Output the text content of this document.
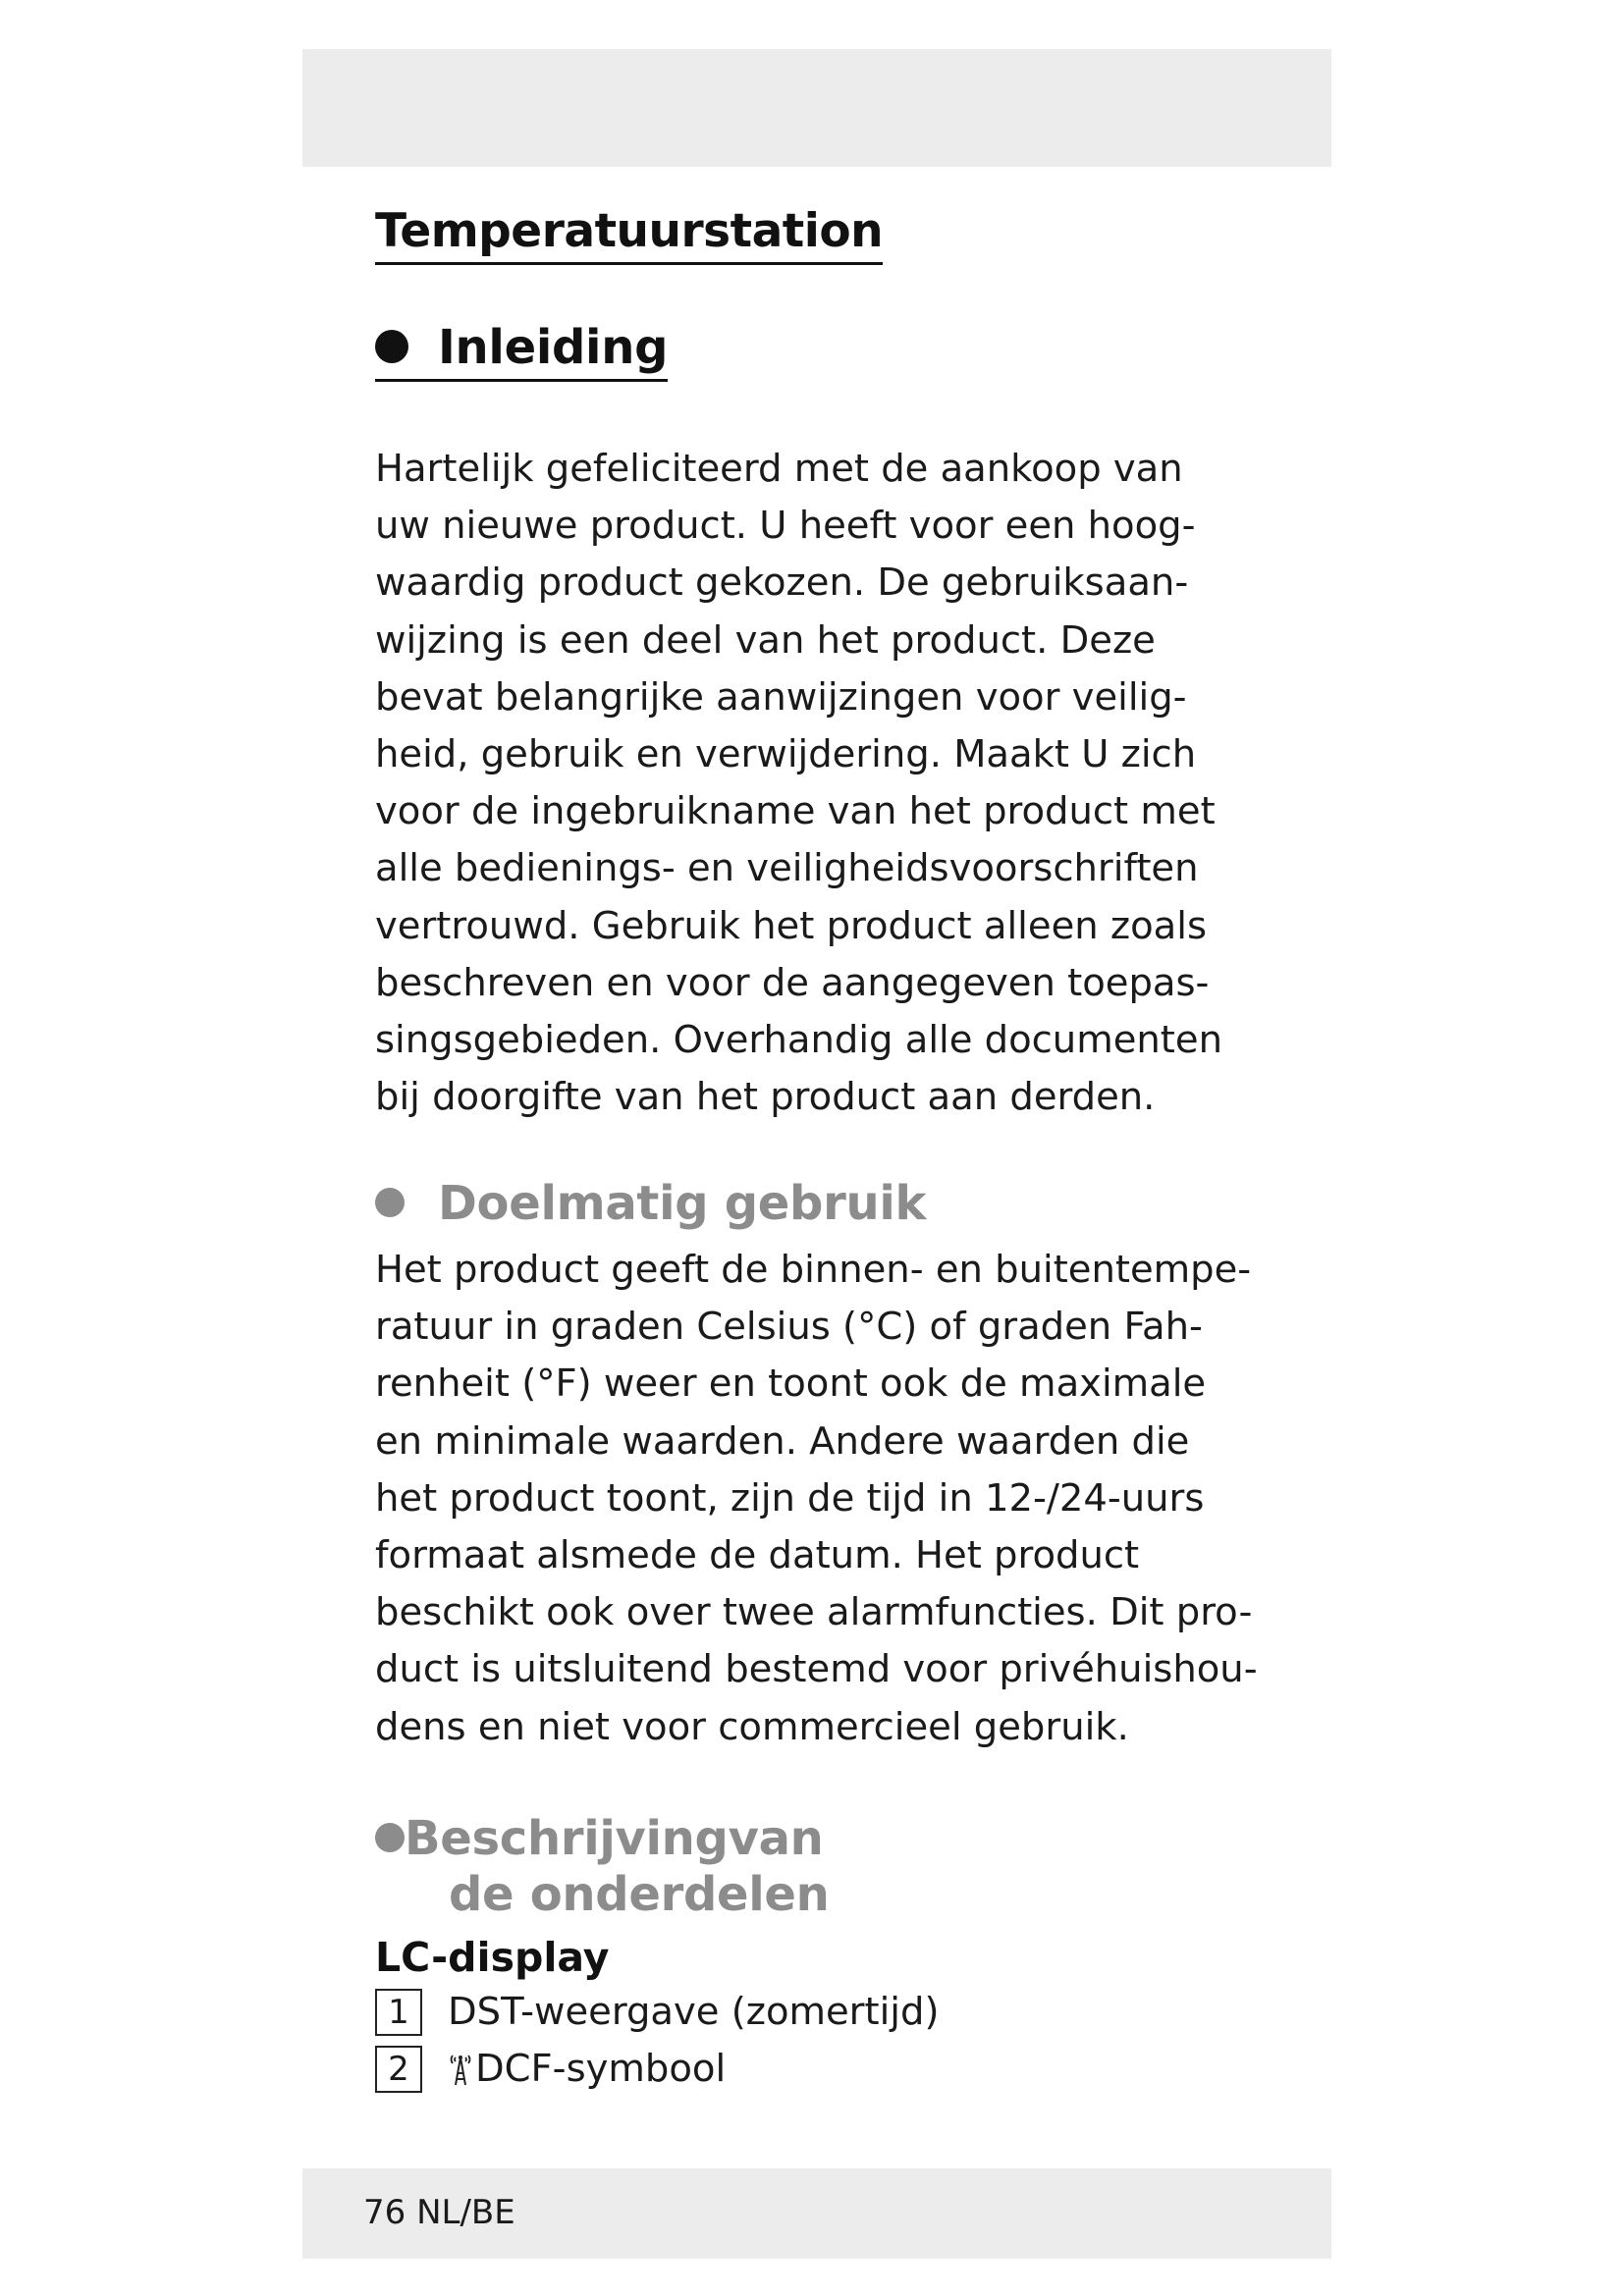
Temperatuurstation
Inleiding

Hartelijk gefeliciteerd met de aankoop van
uw nieuwe product. U heeft voor een hoog-
waardig product gekozen. De gebruiksaan-
wijzing is een deel van het product. Deze
bevat belangrijke aanwijzingen voor veilig-
heid, gebruik en verwijdering. Maakt U zich
voor de ingebruikname van het product met
alle bedienings- en veiligheidsvoorschriften
vertrouwd. Gebruik het product alleen zoals
beschreven en voor de aangegeven toepas-
singsgebieden. Overhandig alle documenten
bij doorgifte van het product aan derden.

Doelmatig gebruik

Het product geeft de binnen- en buitentempe-
ratuur in graden Celsius (°C) of graden Fah-
renheit (°F) weer en toont ook de maximale
en minimale waarden. Andere waarden die
het product toont, zijn de tijd in 12-/24-uurs
formaat alsmede de datum. Het product
beschikt ook over twee alarmfuncties. Dit pro-
duct is uitsluitend bestemd voor privéhuishou-
dens en niet voor commercieel gebruik.

Beschrijvingvan
de onderdelen
LC-display
1 DST-weergave (zomertijd)
2 DCF-symbool
76 NL/BE
